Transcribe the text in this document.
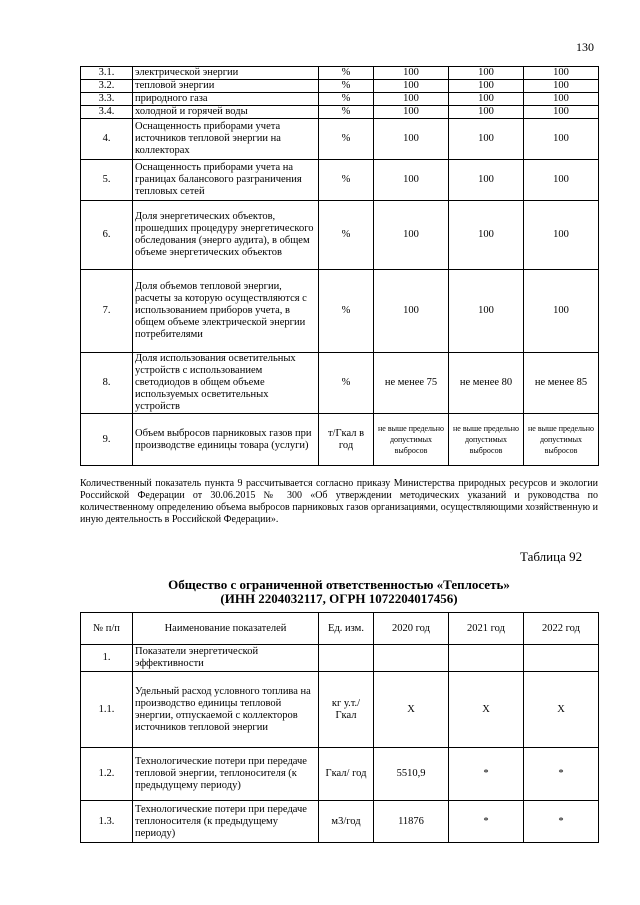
130
3.1.	электрической энергии	%	100	100	100
3.2.	тепловой энергии	%	100	100	100
3.3.	природного газа	%	100	100	100
3.4.	холодной и горячей воды	%	100	100	100
4.	Оснащенность приборами учета источников тепловой энергии на коллекторах	%	100	100	100
5.	Оснащенность приборами учета на границах балансового разграничения тепловых сетей	%	100	100	100
6.	Доля энергетических объектов, прошедших процедуру энергетического обследования (энерго аудита), в общем объеме энергетических объектов	%	100	100	100
7.	Доля объемов тепловой энергии, расчеты за которую осуществляются с использованием приборов учета, в общем объеме электрической энергии потребителями	%	100	100	100
8.	Доля использования осветительных устройств с использованием светодиодов в общем объеме используемых осветительных устройств	%	не менее 75	не менее 80	не менее 85
9.	Объем выбросов парниковых газов при производстве единицы товара (услуги)	т/Гкал в год	не выше предельно допустимых выбросов	не выше предельно допустимых выбросов	не выше предельно допустимых выбросов
Количественный показатель пункта 9 рассчитывается согласно приказу Министерства природных ресурсов и экологии Российской Федерации от 30.06.2015 № 300 «Об утверждении методических указаний и руководства по количественному определению объема выбросов парниковых газов организациями, осуществляющими хозяйственную и иную деятельность в Российской Федерации».
Таблица 92
Общество с ограниченной ответственностью «Теплосеть»
(ИНН 2204032117, ОГРН 1072204017456)
№ п/п	Наименование показателей	Ед. изм.	2020 год	2021 год	2022 год
1.	Показатели энергетической эффективности				
1.1.	Удельный расход условного топлива на производство единицы тепловой энергии, отпускаемой с коллекторов источников тепловой энергии	кг у.т./ Гкал	X	X	X
1.2.	Технологические потери при передаче тепловой энергии, теплоносителя (к предыдущему периоду)	Гкал/ год	5510,9	*	*
1.3.	Технологические потери при передаче теплоносителя (к предыдущему периоду)	м3/год	11876	*	*
